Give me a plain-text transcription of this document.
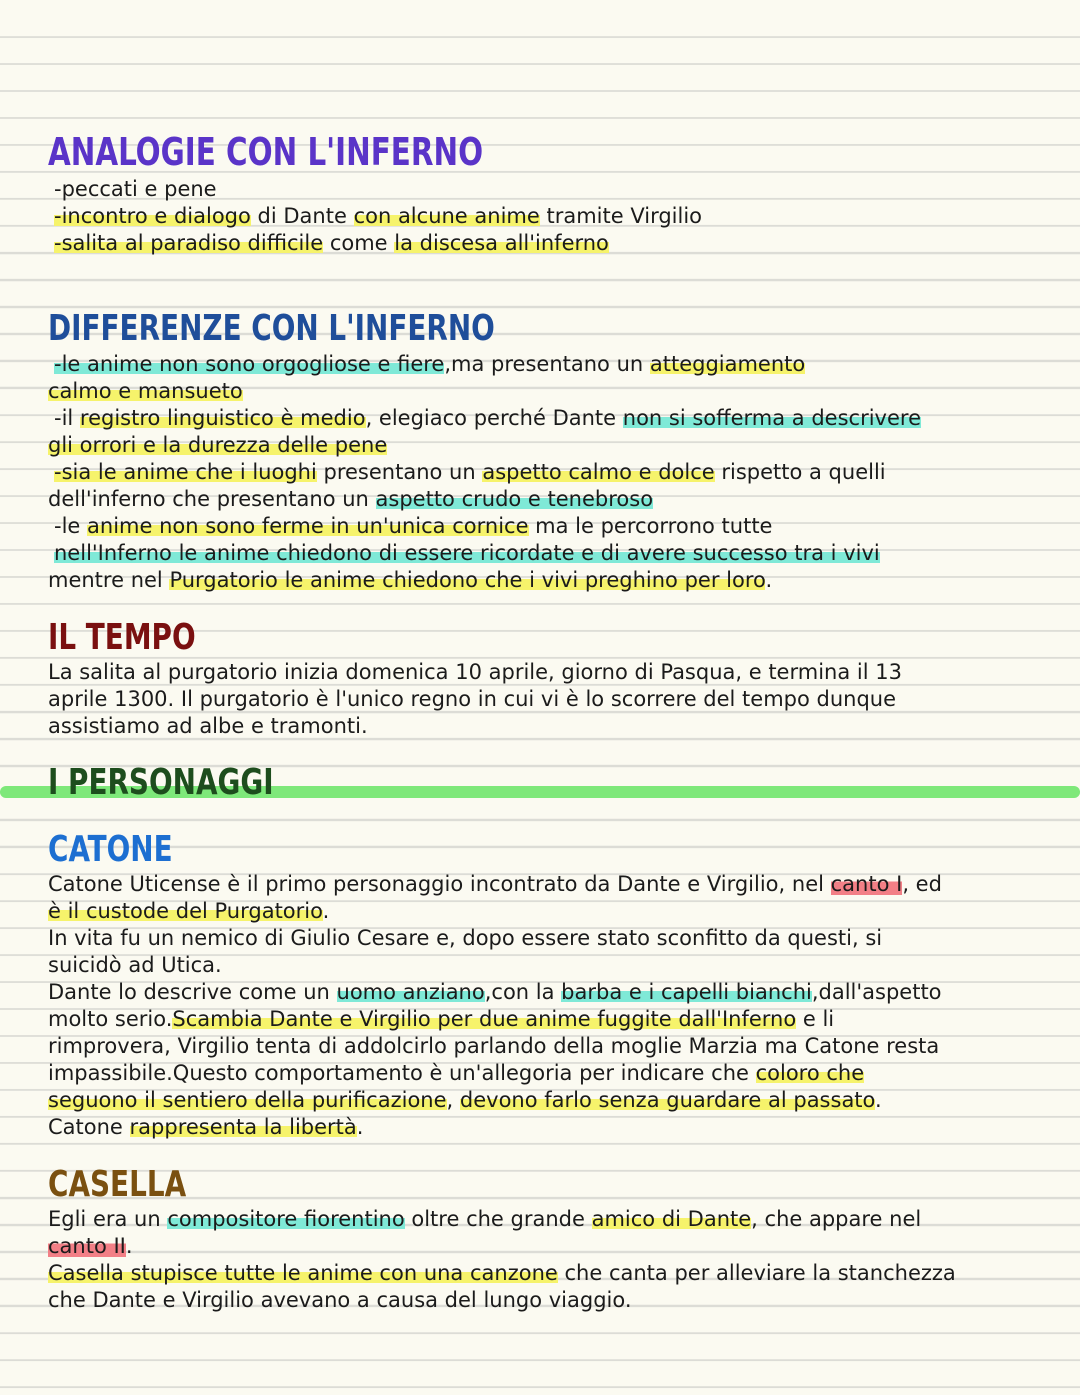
ANALOGIE CON L'INFERNO
-peccati e pene
-incontro e dialogo di Dante con alcune anime tramite Virgilio
-salita al paradiso difficile come la discesa all'inferno
DIFFERENZE CON L'INFERNO
-le anime non sono orgogliose e fiere,ma presentano un atteggiamento
calmo e mansueto
-il registro linguistico è medio, elegiaco perché Dante non si sofferma a descrivere
gli orrori e la durezza delle pene
-sia le anime che i luoghi presentano un aspetto calmo e dolce rispetto a quelli
dell'inferno che presentano un aspetto crudo e tenebroso
-le anime non sono ferme in un'unica cornice ma le percorrono tutte
nell'Inferno le anime chiedono di essere ricordate e di avere successo tra i vivi
mentre nel Purgatorio le anime chiedono che i vivi preghino per loro.
IL TEMPO
La salita al purgatorio inizia domenica 10 aprile, giorno di Pasqua, e termina il 13
aprile 1300. Il purgatorio è l'unico regno in cui vi è lo scorrere del tempo dunque
assistiamo ad albe e tramonti.
I PERSONAGGI
CATONE
Catone Uticense è il primo personaggio incontrato da Dante e Virgilio, nel canto I, ed
è il custode del Purgatorio.
In vita fu un nemico di Giulio Cesare e, dopo essere stato sconfitto da questi, si
suicidò ad Utica.
Dante lo descrive come un uomo anziano,con la barba e i capelli bianchi,dall'aspetto
molto serio.Scambia Dante e Virgilio per due anime fuggite dall'Inferno e li
rimprovera, Virgilio tenta di addolcirlo parlando della moglie Marzia ma Catone resta
impassibile.Questo comportamento è un'allegoria per indicare che coloro che
seguono il sentiero della purificazione, devono farlo senza guardare al passato.
Catone rappresenta la libertà.
CASELLA
Egli era un compositore fiorentino oltre che grande amico di Dante, che appare nel
canto II.
Casella stupisce tutte le anime con una canzone che canta per alleviare la stanchezza
che Dante e Virgilio avevano a causa del lungo viaggio.
